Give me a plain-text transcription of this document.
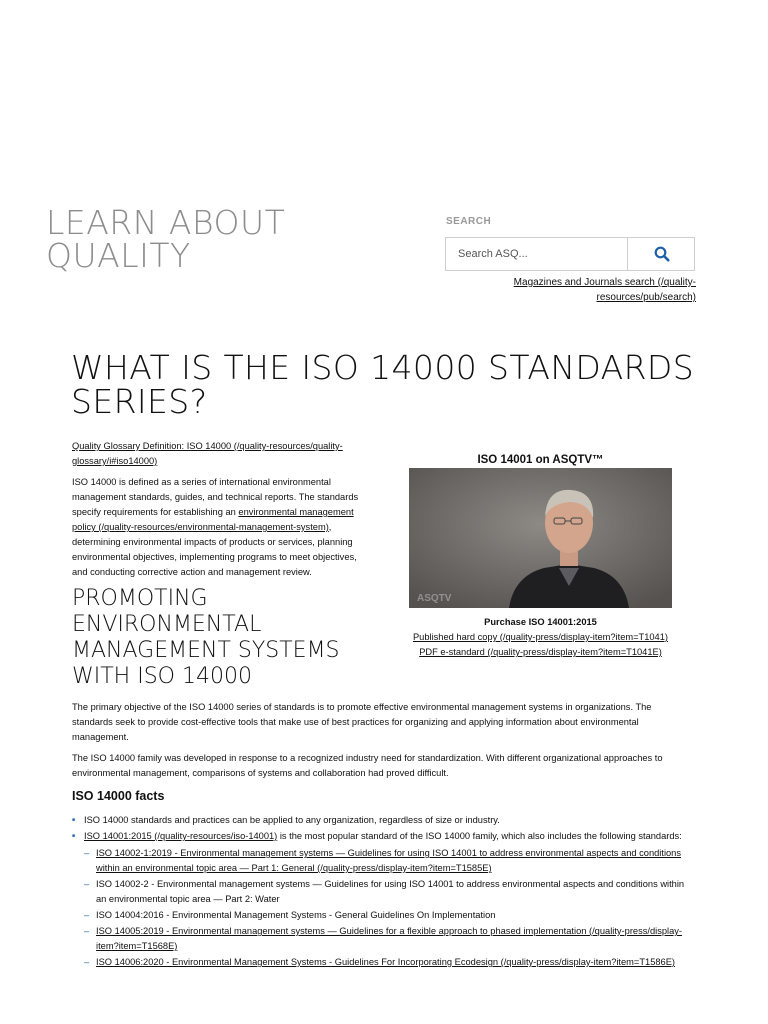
LEARN ABOUT
QUALITY
SEARCH
Search ASQ...
Magazines and Journals search (/quality-
resources/pub/search)
WHAT IS THE ISO 14000 STANDARDS SERIES?
Quality Glossary Definition: ISO 14000 (/quality-resources/quality-glossary/i#iso14000)
ISO 14000 is defined as a series of international environmental management standards, guides, and technical reports. The standards specify requirements for establishing an environmental management policy (/quality-resources/environmental-management-system), determining environmental impacts of products or services, planning environmental objectives, implementing programs to meet objectives, and conducting corrective action and management review.
PROMOTING ENVIRONMENTAL MANAGEMENT SYSTEMS WITH ISO 14000
ISO 14001 on ASQTV™
ASQTV
Purchase ISO 14001:2015
Published hard copy (/quality-press/display-item?item=T1041)
PDF e-standard (/quality-press/display-item?item=T1041E)
The primary objective of the ISO 14000 series of standards is to promote effective environmental management systems in organizations. The standards seek to provide cost-effective tools that make use of best practices for organizing and applying information about environmental management.
The ISO 14000 family was developed in response to a recognized industry need for standardization. With different organizational approaches to environmental management, comparisons of systems and collaboration had proved difficult.
ISO 14000 facts
■ ISO 14000 standards and practices can be applied to any organization, regardless of size or industry.
■ ISO 14001:2015 (/quality-resources/iso-14001) is the most popular standard of the ISO 14000 family, which also includes the following standards:
– ISO 14002-1:2019 - Environmental management systems — Guidelines for using ISO 14001 to address environmental aspects and conditions within an environmental topic area — Part 1: General (/quality-press/display-item?item=T1585E)
– ISO 14002-2 - Environmental management systems — Guidelines for using ISO 14001 to address environmental aspects and conditions within an environmental topic area — Part 2: Water
– ISO 14004:2016 - Environmental Management Systems - General Guidelines On Implementation
– ISO 14005:2019 - Environmental management systems — Guidelines for a flexible approach to phased implementation (/quality-press/display-item?item=T1568E)
– ISO 14006:2020 - Environmental Management Systems - Guidelines For Incorporating Ecodesign (/quality-press/display-item?item=T1586E)
